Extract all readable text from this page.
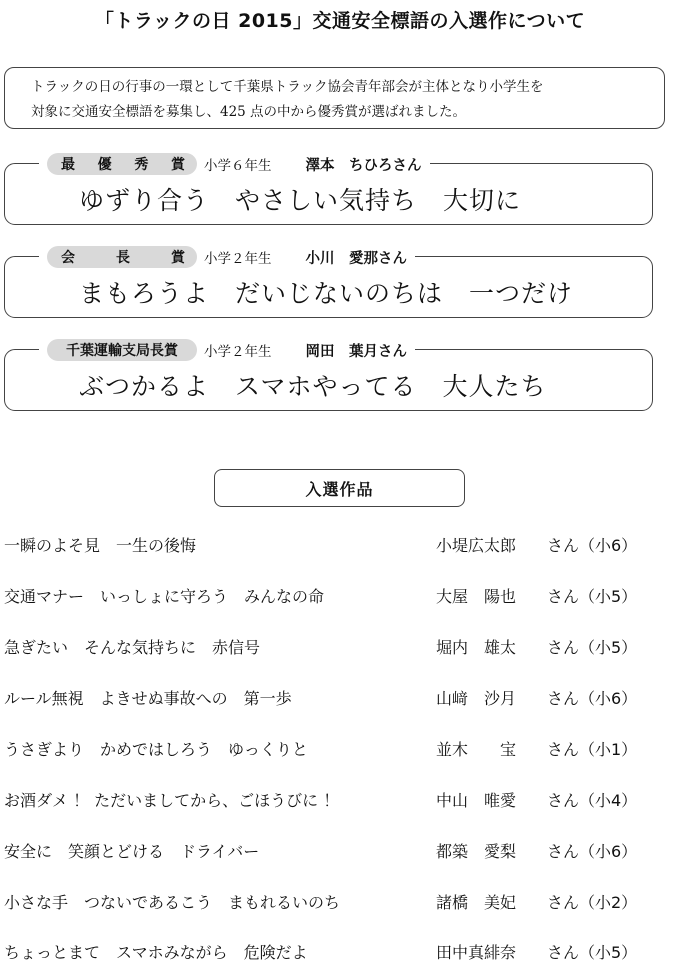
「トラックの日 2015」交通安全標語の入選作について
トラックの日の行事の一環として千葉県トラック協会青年部会が主体となり小学生を
対象に交通安全標語を募集し、425 点の中から優秀賞が選ばれました。
最 優 秀 賞 小学６年生 澤本　ちひろさん
ゆずり合う　やさしい気持ち　大切に
会	長	賞 小学２年生 小川　愛那さん
まもろうよ　だいじないのちは　一つだけ
千葉運輸支局長賞 小学２年生 岡田　葉月さん
ぶつかるよ　スマホやってる　大人たち
入選作品
一瞬のよそ見　一生の後悔	小堤広太郎 さん（小6）
交通マナー　いっしょに守ろう　みんなの命	大屋　陽也 さん（小5）
急ぎたい　そんな気持ちに　赤信号	堀内　雄太 さん（小5）
ルール無視　よきせぬ事故への　第一歩	山﨑　沙月 さん（小6）
うさぎより　かめではしろう　ゆっくりと	並木　　宝 さん（小1）
お酒ダメ ！ ただいましてから、ごほうびに ！	中山　唯愛 さん（小4）
安全に　笑顔とどける　ドライバー	都築　愛梨 さん（小6）
小さな手　つないであるこう　まもれるいのち	諸橋　美妃 さん（小2）
ちょっとまて　スマホみながら　危険だよ	田中真緋奈 さん（小5）
